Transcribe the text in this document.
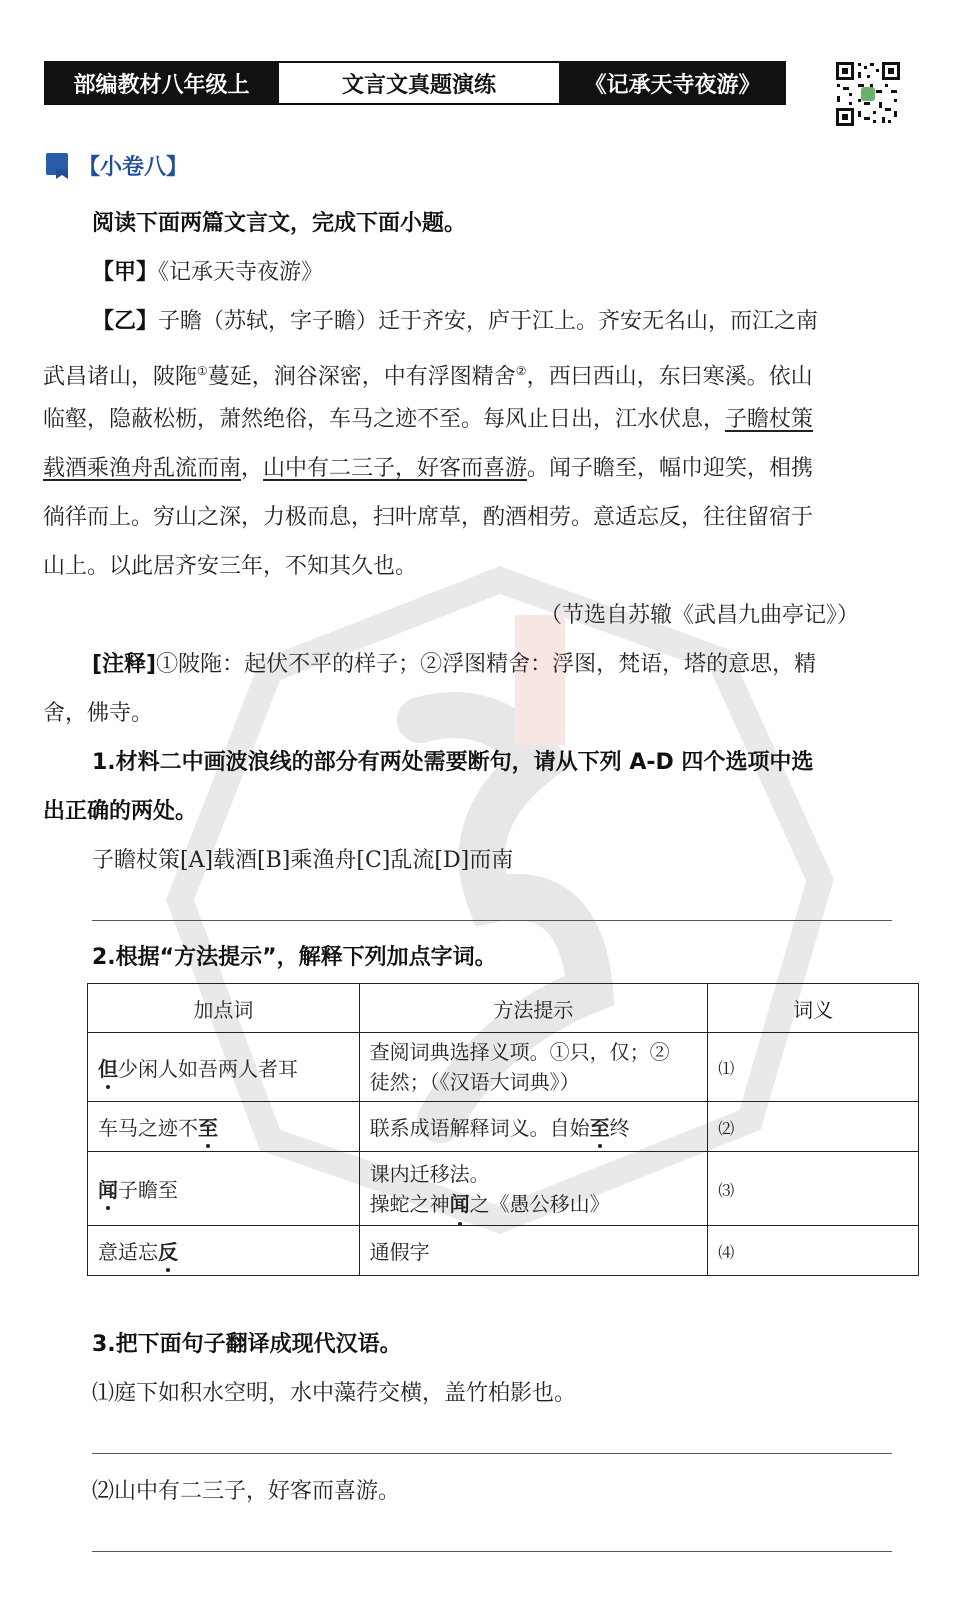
部编教材八年级上	文言文真题演练	《记承天寺夜游》
【小卷八】
阅读下面两篇文言文，完成下面小题。
【甲】《记承天寺夜游》
【乙】子瞻（苏轼，字子瞻）迁于齐安，庐于江上。齐安无名山，而江之南
武昌诸山，陂陁①蔓延，涧谷深密，中有浮图精舍②，西曰西山，东曰寒溪。依山
临壑，隐蔽松枥，萧然绝俗，车马之迹不至。每风止日出，江水伏息，子瞻杖策
载酒乘渔舟乱流而南，山中有二三子，好客而喜游。闻子瞻至，幅巾迎笑，相携
徜徉而上。穷山之深，力极而息，扫叶席草，酌酒相劳。意适忘反，往往留宿于
山上。以此居齐安三年，不知其久也。
（节选自苏辙《武昌九曲亭记》）
[注释]①陂陁：起伏不平的样子；②浮图精舍：浮图，梵语，塔的意思，精
舍，佛寺。
1.材料二中画波浪线的部分有两处需要断句，请从下列 A-D 四个选项中选
出正确的两处。
子瞻杖策[A]载酒[B]乘渔舟[C]乱流[D]而南
2.根据“方法提示”，解释下列加点字词。
加点词	方法提示	词义
但少闲人如吾两人者耳	查阅词典选择义项。①只，仅；②
徒然；（《汉语大词典》）	⑴
车马之迹不至	联系成语解释词义。自始至终	⑵
闻子瞻至	课内迁移法。
操蛇之神闻之《愚公移山》	⑶
意适忘反	通假字	⑷
3.把下面句子翻译成现代汉语。
⑴庭下如积水空明，水中藻荇交横，盖竹柏影也。
⑵山中有二三子，好客而喜游。
